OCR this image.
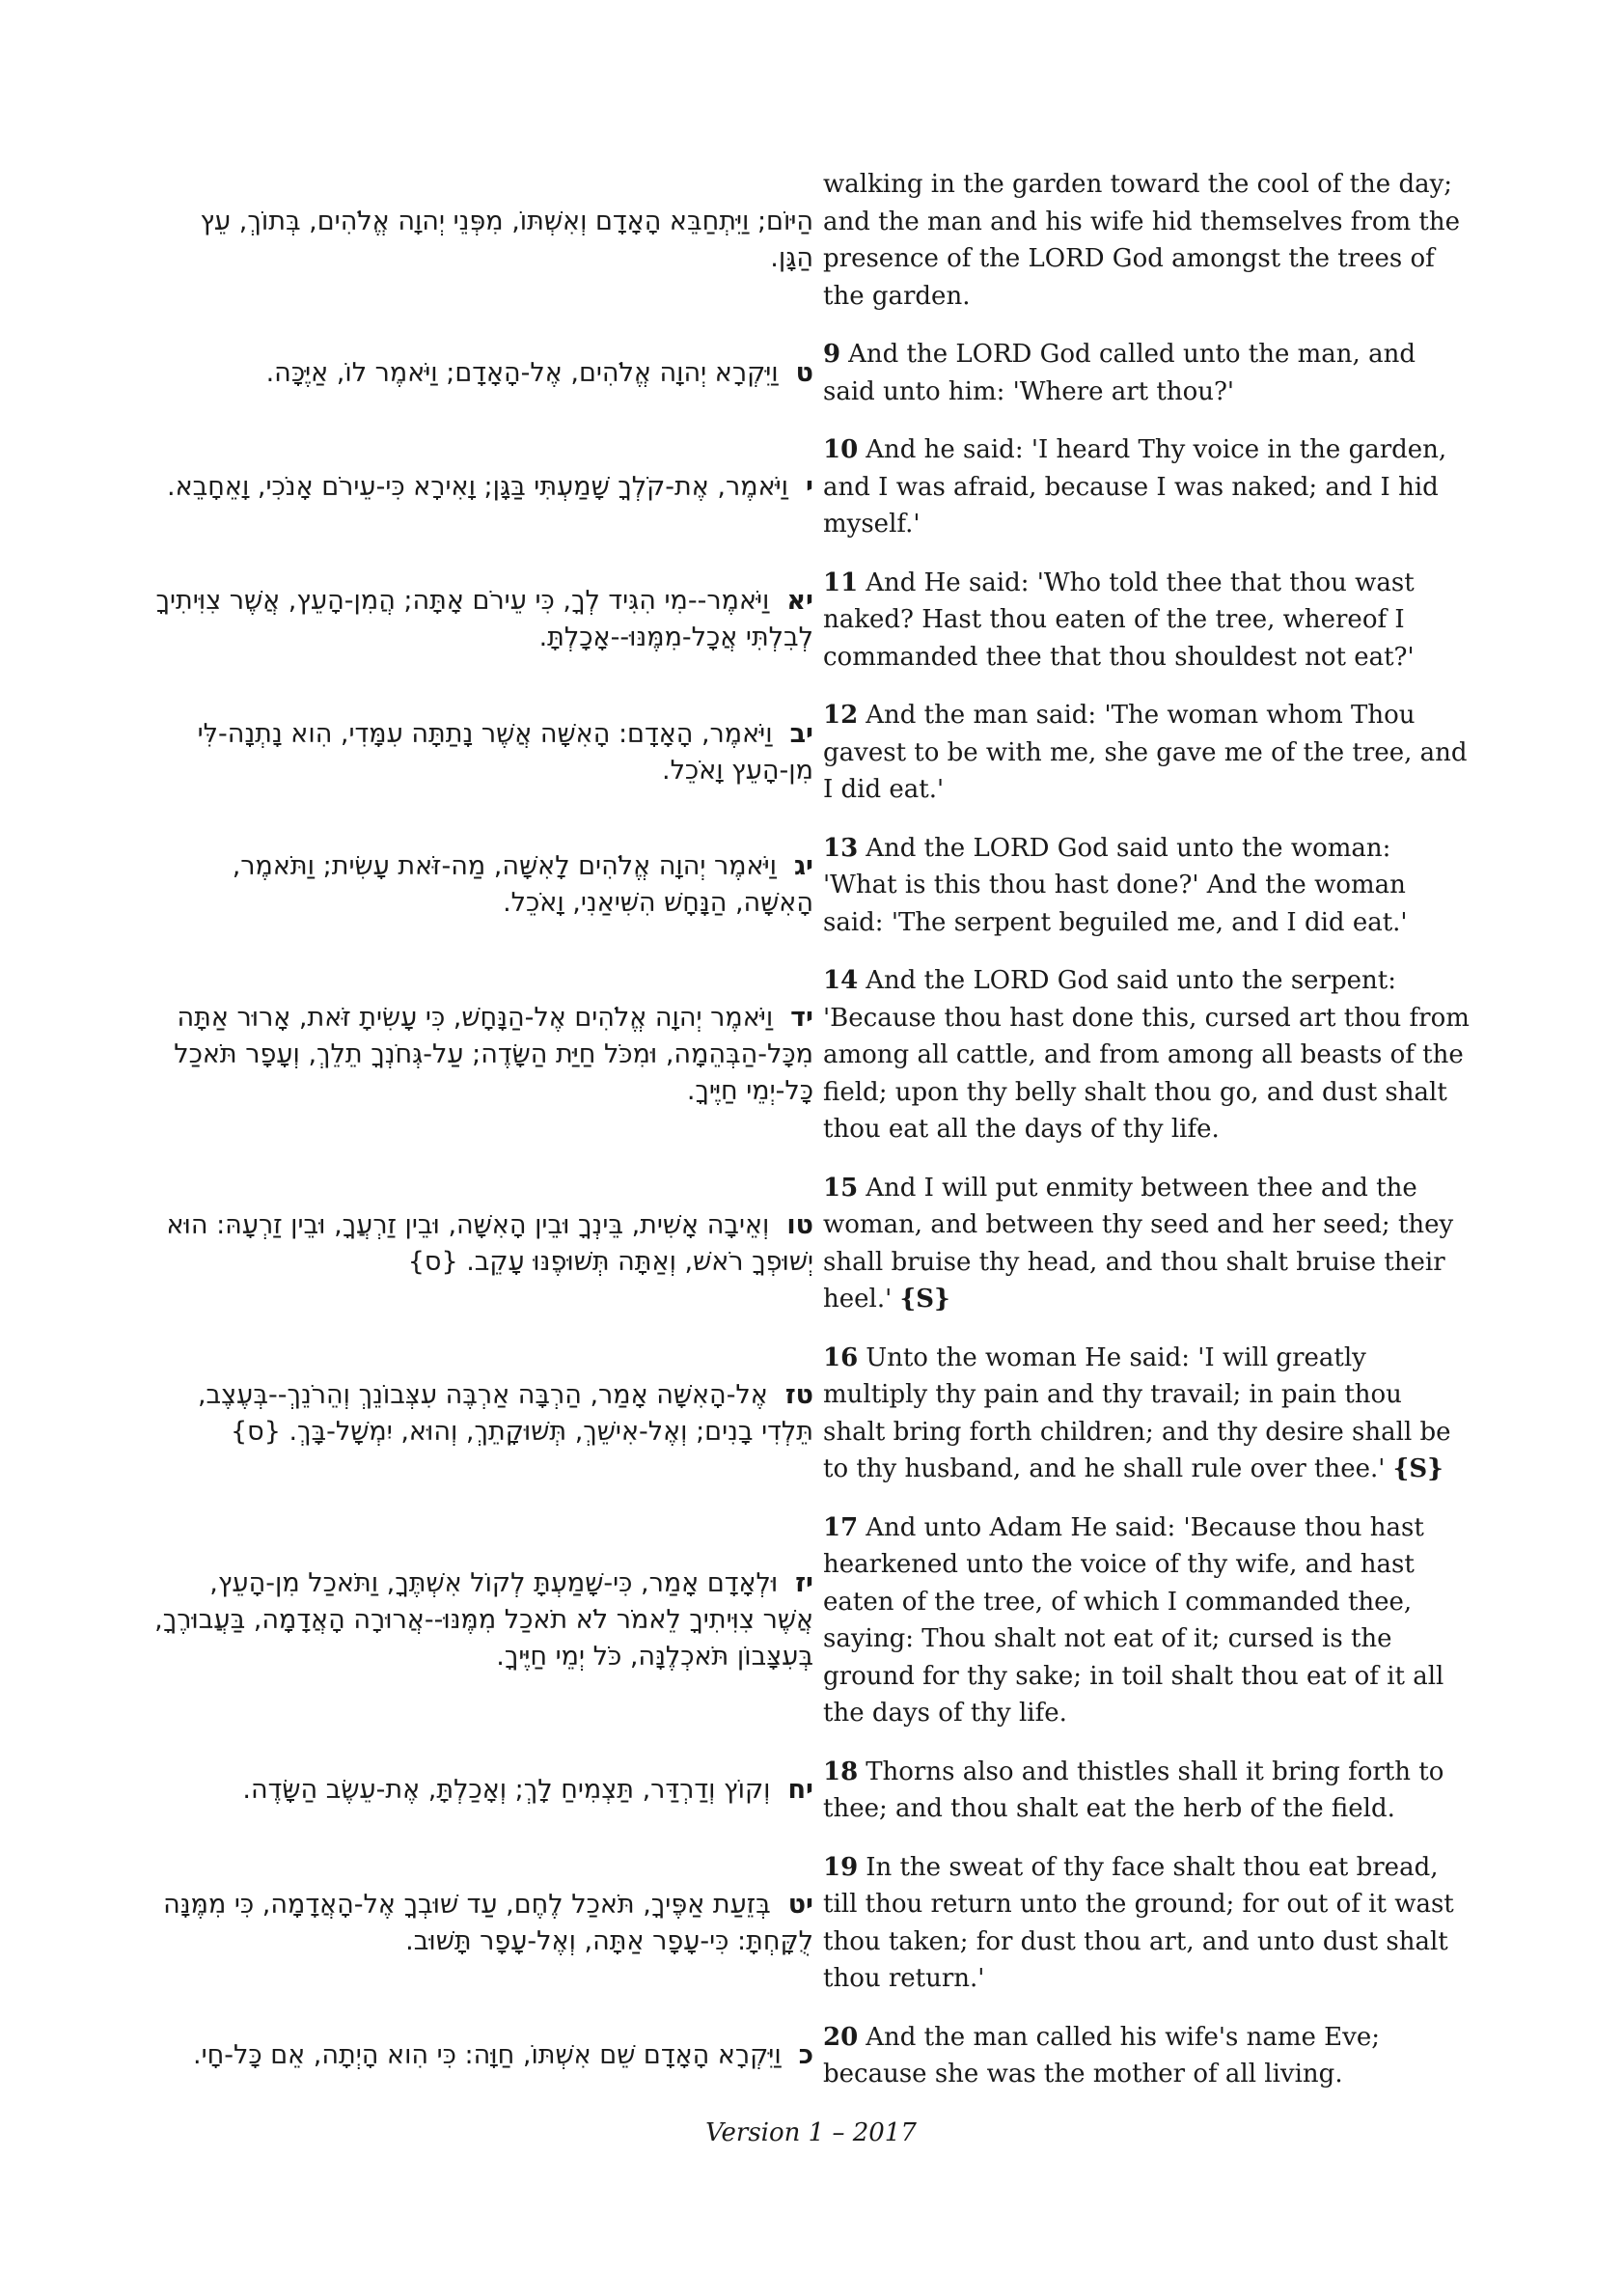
הַיּוֹם; וַיִּתְחַבֵּא הָאָדָם וְאִשְׁתּוֹ, מִפְּנֵי יְהוָה אֱלֹהִים, בְּתוֹךְ, עֵץ הַגָּן.
walking in the garden toward the cool of the day; and the man and his wife hid themselves from the presence of the LORD God amongst the trees of the garden.
טוַיִּקְרָא יְהוָה אֱלֹהִים, אֶל-הָאָדָם; וַיֹּאמֶר לוֹ, אַיֶּכָּה.
9 And the LORD God called unto the man, and said unto him: 'Where art thou?'
יוַיֹּאמֶר, אֶת-קֹלְךָ שָׁמַעְתִּי בַּגָּן; וָאִירָא כִּי-עֵירֹם אָנֹכִי, וָאֵחָבֵא.
10 And he said: 'I heard Thy voice in the garden, and I was afraid, because I was naked; and I hid myself.'
יאוַיֹּאמֶר--מִי הִגִּיד לְךָ, כִּי עֵירֹם אָתָּה; הֲמִן-הָעֵץ, אֲשֶׁר צִוִּיתִיךָ לְבִלְתִּי אֲכָל-מִמֶּנּוּ--אָכָלְתָּ.
11 And He said: 'Who told thee that thou wast naked? Hast thou eaten of the tree, whereof I commanded thee that thou shouldest not eat?'
יבוַיֹּאמֶר, הָאָדָם: הָאִשָּׁה אֲשֶׁר נָתַתָּה עִמָּדִי, הִוא נָתְנָה-לִּי מִן-הָעֵץ וָאֹכֵל.
12 And the man said: 'The woman whom Thou gavest to be with me, she gave me of the tree, and I did eat.'
יגוַיֹּאמֶר יְהוָה אֱלֹהִים לָאִשָּׁה, מַה-זֹּאת עָשִׂית; וַתֹּאמֶר, הָאִשָּׁה, הַנָּחָשׁ הִשִּׁיאַנִי, וָאֹכֵל.
13 And the LORD God said unto the woman: 'What is this thou hast done?' And the woman said: 'The serpent beguiled me, and I did eat.'
ידוַיֹּאמֶר יְהוָה אֱלֹהִים אֶל-הַנָּחָשׁ, כִּי עָשִׂיתָ זֹּאת, אָרוּר אַתָּה מִכָּל-הַבְּהֵמָה, וּמִכֹּל חַיַּת הַשָּׂדֶה; עַל-גְּחֹנְךָ תֵלֵךְ, וְעָפָר תֹּאכַל כָּל-יְמֵי חַיֶּיךָ.
14 And the LORD God said unto the serpent: 'Because thou hast done this, cursed art thou from among all cattle, and from among all beasts of the field; upon thy belly shalt thou go, and dust shalt thou eat all the days of thy life.
טווְאֵיבָה אָשִׁית, בֵּינְךָ וּבֵין הָאִשָּׁה, וּבֵין זַרְעֲךָ, וּבֵין זַרְעָהּ: הוּא יְשׁוּפְךָ רֹאשׁ, וְאַתָּה תְּשׁוּפֶנּוּ עָקֵב. {ס}
15 And I will put enmity between thee and the woman, and between thy seed and her seed; they shall bruise thy head, and thou shalt bruise their heel.' {S}
טזאֶל-הָאִשָּׁה אָמַר, הַרְבָּה אַרְבֶּה עִצְּבוֹנֵךְ וְהֵרֹנֵךְ--בְּעֶצֶב, תֵּלְדִי בָנִים; וְאֶל-אִישֵׁךְ, תְּשׁוּקָתֵךְ, וְהוּא, יִמְשָׁל-בָּךְ. {ס}
16 Unto the woman He said: 'I will greatly multiply thy pain and thy travail; in pain thou shalt bring forth children; and thy desire shall be to thy husband, and he shall rule over thee.' {S}
יזוּלְאָדָם אָמַר, כִּי-שָׁמַעְתָּ לְקוֹל אִשְׁתֶּךָ, וַתֹּאכַל מִן-הָעֵץ, אֲשֶׁר צִוִּיתִיךָ לֵאמֹר לֹא תֹאכַל מִמֶּנּוּ--אֲרוּרָה הָאֲדָמָה, בַּעֲבוּרֶךָ, בְּעִצָּבוֹן תֹּאכְלֶנָּה, כֹּל יְמֵי חַיֶּיךָ.
17 And unto Adam He said: 'Because thou hast hearkened unto the voice of thy wife, and hast eaten of the tree, of which I commanded thee, saying: Thou shalt not eat of it; cursed is the ground for thy sake; in toil shalt thou eat of it all the days of thy life.
יחוְקוֹץ וְדַרְדַּר, תַּצְמִיחַ לָךְ; וְאָכַלְתָּ, אֶת-עֵשֶׂב הַשָּׂדֶה.
18 Thorns also and thistles shall it bring forth to thee; and thou shalt eat the herb of the field.
יטבְּזֵעַת אַפֶּיךָ, תֹּאכַל לֶחֶם, עַד שׁוּבְךָ אֶל-הָאֲדָמָה, כִּי מִמֶּנָּה לֻקָּחְתָּ: כִּי-עָפָר אַתָּה, וְאֶל-עָפָר תָּשׁוּב.
19 In the sweat of thy face shalt thou eat bread, till thou return unto the ground; for out of it wast thou taken; for dust thou art, and unto dust shalt thou return.'
כוַיִּקְרָא הָאָדָם שֵׁם אִשְׁתּוֹ, חַוָּה: כִּי הִוא הָיְתָה, אֵם כָּל-חָי.
20 And the man called his wife's name Eve; because she was the mother of all living.
Version 1 – 2017
